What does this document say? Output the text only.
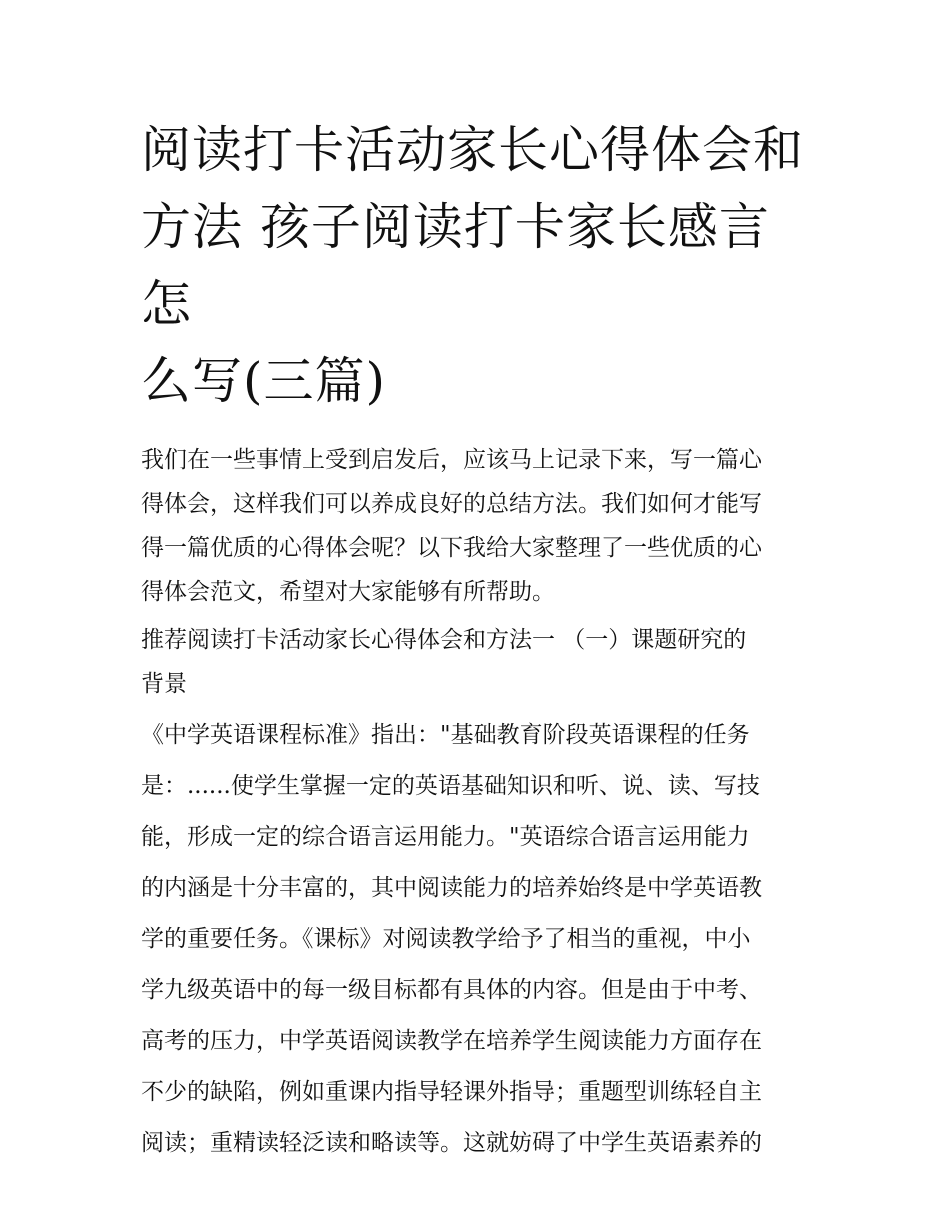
阅读打卡活动家长心得体会和
方法 孩子阅读打卡家长感言怎
么写(三篇)

我们在一些事情上受到启发后，应该马上记录下来，写一篇心
得体会，这样我们可以养成良好的总结方法。我们如何才能写
得一篇优质的心得体会呢？以下我给大家整理了一些优质的心
得体会范文，希望对大家能够有所帮助。

推荐阅读打卡活动家长心得体会和方法一 （一）课题研究的
背景

《中学英语课程标准》指出："基础教育阶段英语课程的任务
是：......使学生掌握一定的英语基础知识和听、说、读、写技
能，形成一定的综合语言运用能力。"英语综合语言运用能力
的内涵是十分丰富的，其中阅读能力的培养始终是中学英语教
学的重要任务。《课标》对阅读教学给予了相当的重视，中小
学九级英语中的每一级目标都有具体的内容。但是由于中考、
高考的压力，中学英语阅读教学在培养学生阅读能力方面存在
不少的缺陷，例如重课内指导轻课外指导；重题型训练轻自主
阅读；重精读轻泛读和略读等。这就妨碍了中学生英语素养的
